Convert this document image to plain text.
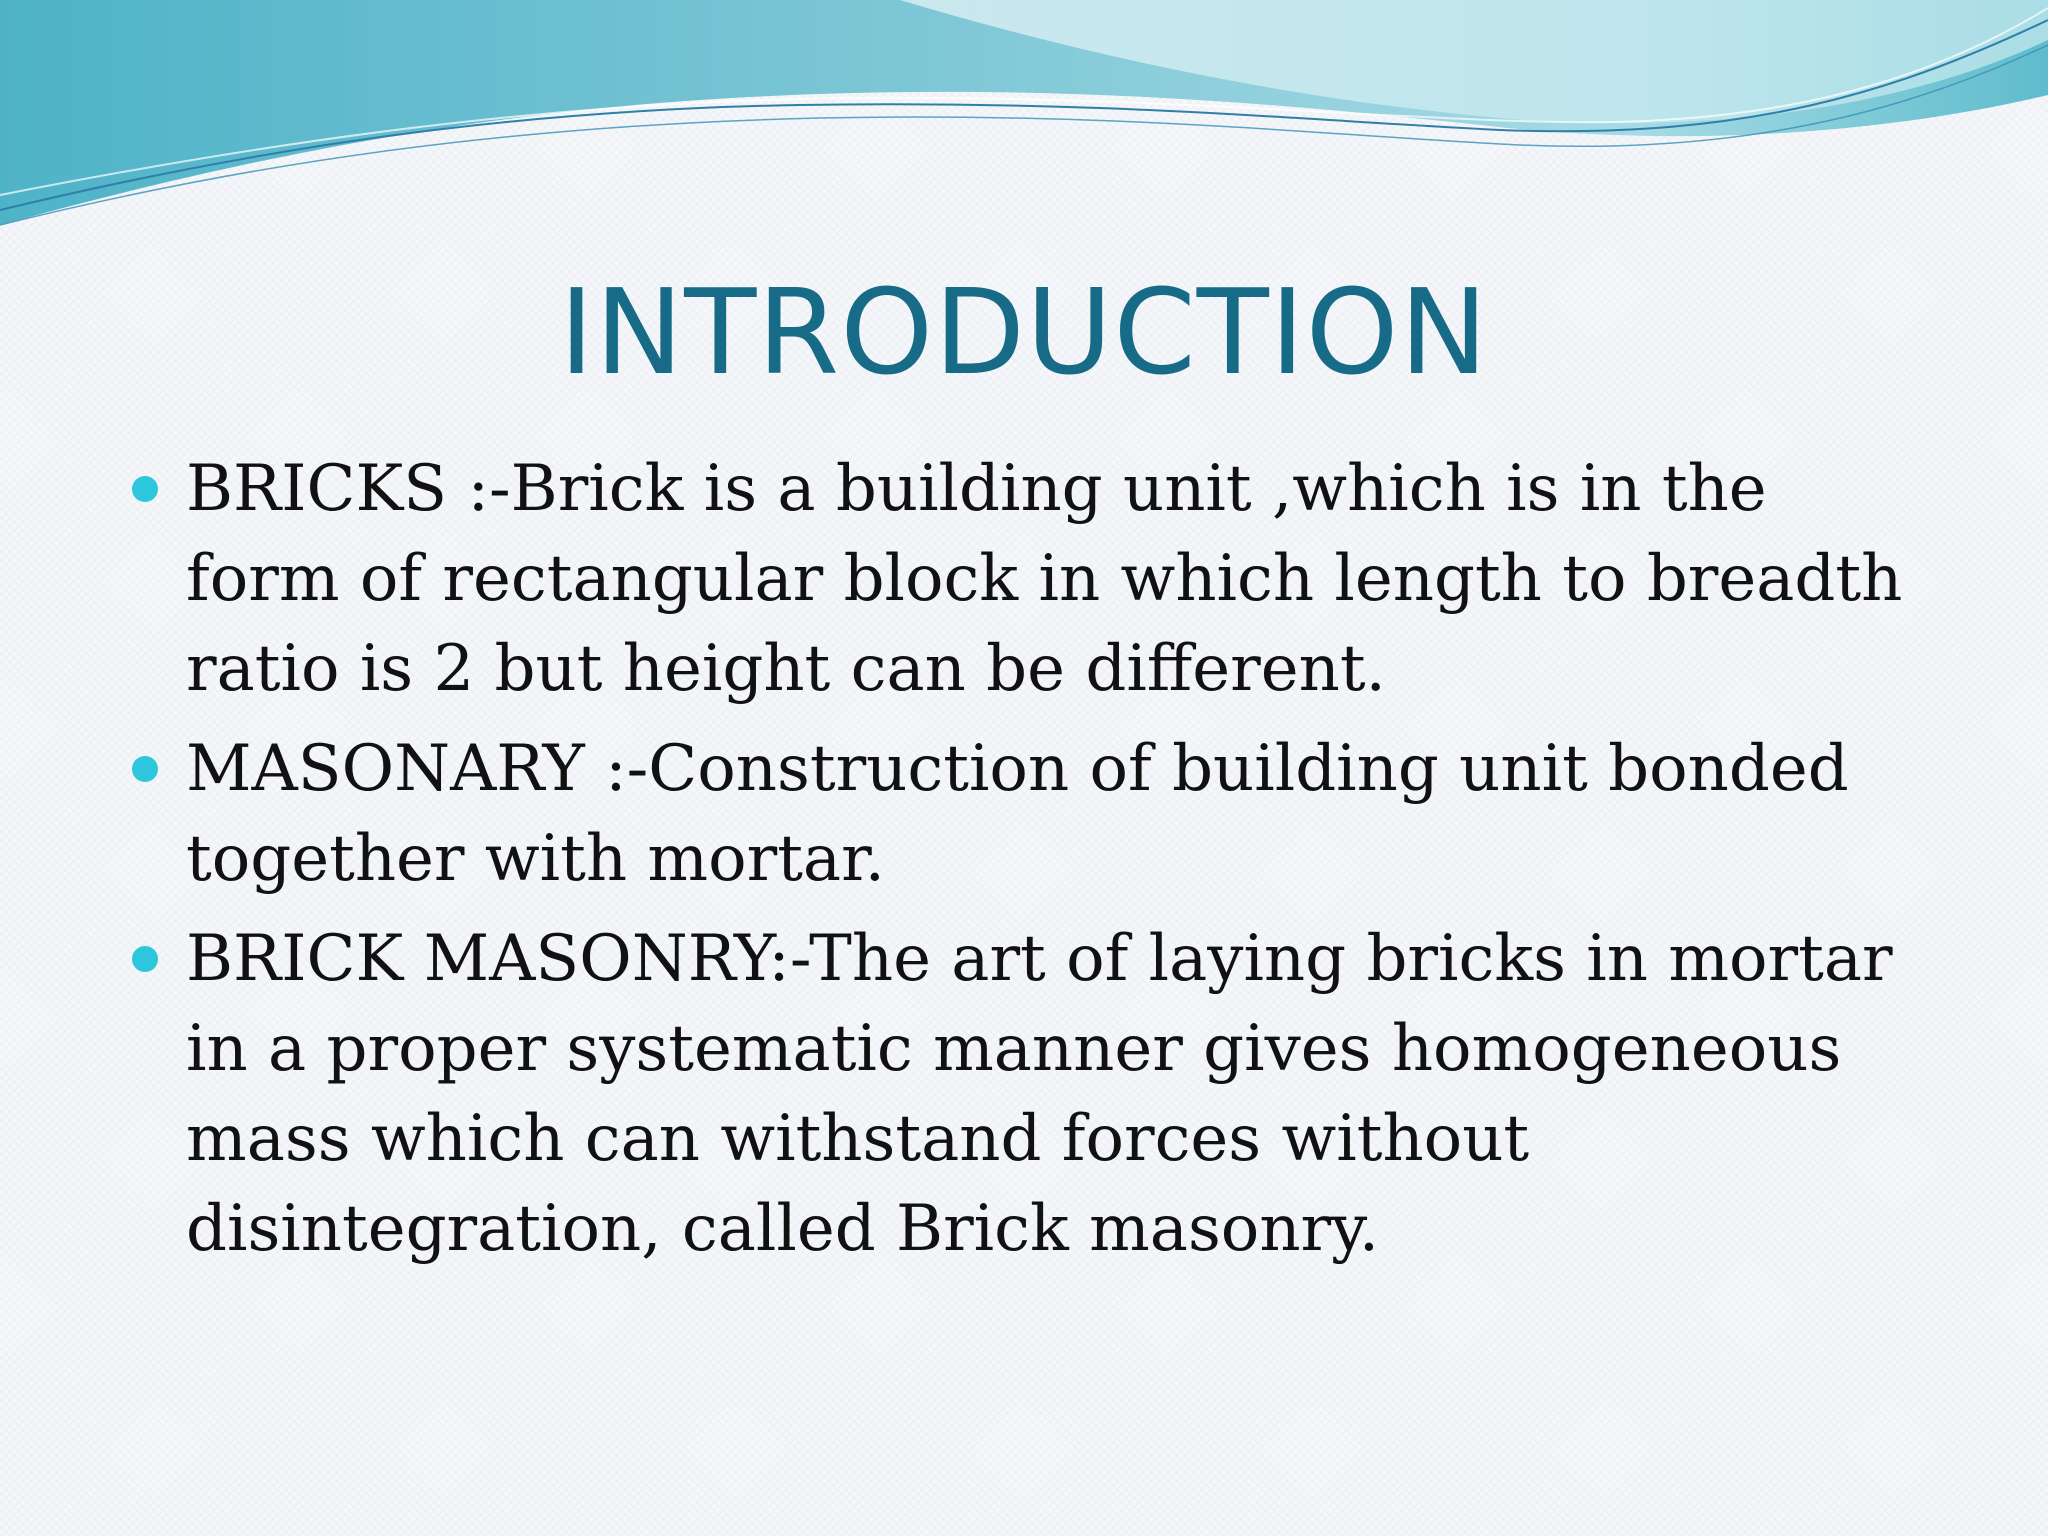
INTRODUCTION
BRICKS :-Brick is a building unit ,which is in the form of rectangular block in which length to breadth ratio is 2 but height can be different.
MASONARY :-Construction of building unit bonded together with mortar.
BRICK MASONRY:-The art of laying bricks in mortar in a proper systematic manner gives homogeneous mass which can withstand forces without disintegration, called Brick masonry.
